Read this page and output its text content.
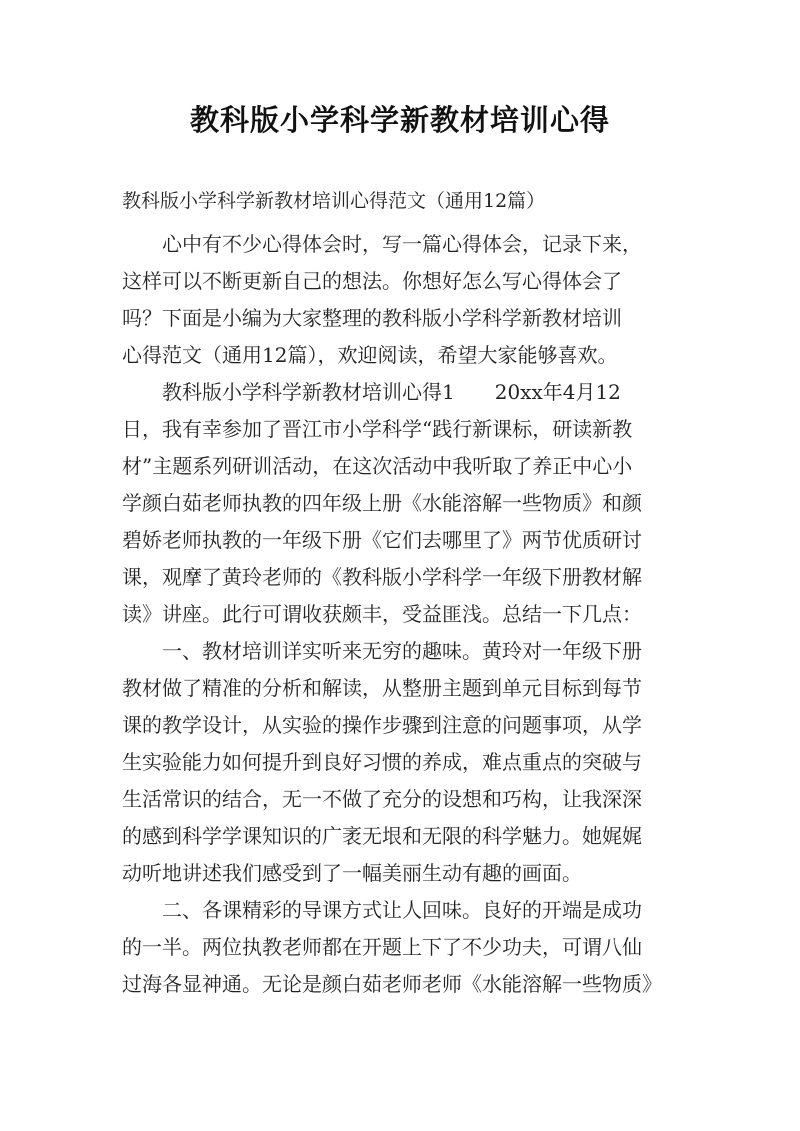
教科版小学科学新教材培训心得
教科版小学科学新教材培训心得范文（通用12篇）
心中有不少心得体会时，写一篇心得体会，记录下来，
这样可以不断更新自己的想法。你想好怎么写心得体会了
吗？下面是小编为大家整理的教科版小学科学新教材培训
心得范文（通用12篇），欢迎阅读，希望大家能够喜欢。
教科版小学科学新教材培训心得1　　20xx年4月12
日，我有幸参加了晋江市小学科学“践行新课标，研读新教
材”主题系列研训活动，在这次活动中我听取了养正中心小
学颜白茹老师执教的四年级上册《水能溶解一些物质》和颜
碧娇老师执教的一年级下册《它们去哪里了》两节优质研讨
课，观摩了黄玲老师的《教科版小学科学一年级下册教材解
读》讲座。此行可谓收获颇丰，受益匪浅。总结一下几点：
一、教材培训详实听来无穷的趣味。黄玲对一年级下册
教材做了精准的分析和解读，从整册主题到单元目标到每节
课的教学设计，从实验的操作步骤到注意的问题事项，从学
生实验能力如何提升到良好习惯的养成，难点重点的突破与
生活常识的结合，无一不做了充分的设想和巧构，让我深深
的感到科学学课知识的广袤无垠和无限的科学魅力。她娓娓
动听地讲述我们感受到了一幅美丽生动有趣的画面。
二、各课精彩的导课方式让人回味。良好的开端是成功
的一半。两位执教老师都在开题上下了不少功夫，可谓八仙
过海各显神通。无论是颜白茹老师老师《水能溶解一些物质》
